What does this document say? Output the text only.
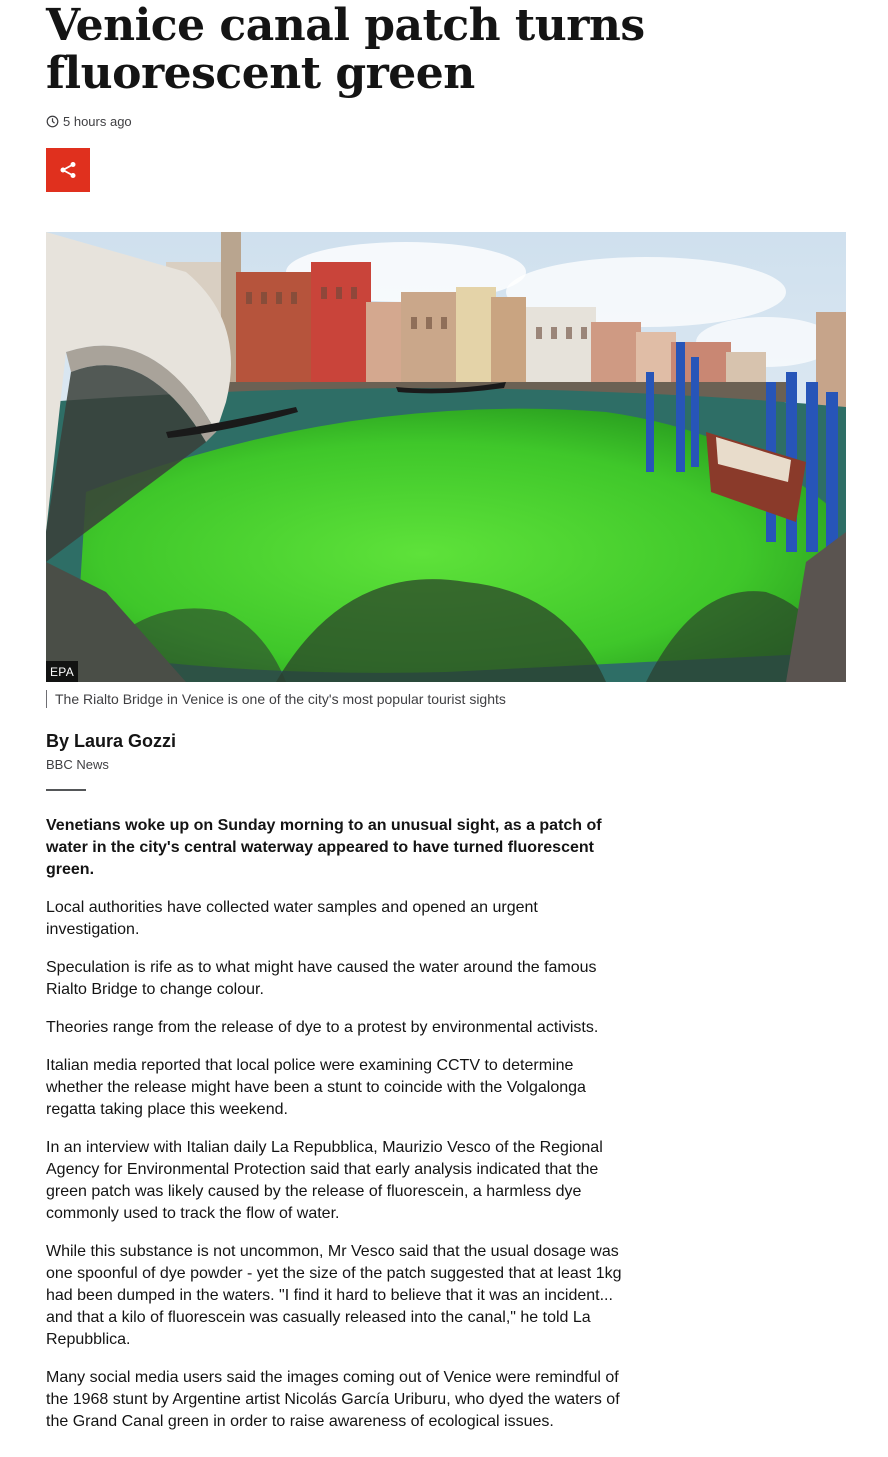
Venice canal patch turns fluorescent green
5 hours ago
EPA
The Rialto Bridge in Venice is one of the city's most popular tourist sights
By Laura Gozzi
BBC News

Venetians woke up on Sunday morning to an unusual sight, as a patch of water in the city's central waterway appeared to have turned fluorescent green.

Local authorities have collected water samples and opened an urgent investigation.

Speculation is rife as to what might have caused the water around the famous Rialto Bridge to change colour.

Theories range from the release of dye to a protest by environmental activists.

Italian media reported that local police were examining CCTV to determine whether the release might have been a stunt to coincide with the Volgalonga regatta taking place this weekend.

In an interview with Italian daily La Repubblica, Maurizio Vesco of the Regional Agency for Environmental Protection said that early analysis indicated that the green patch was likely caused by the release of fluorescein, a harmless dye commonly used to track the flow of water.

While this substance is not uncommon, Mr Vesco said that the usual dosage was one spoonful of dye powder - yet the size of the patch suggested that at least 1kg had been dumped in the waters. "I find it hard to believe that it was an incident... and that a kilo of fluorescein was casually released into the canal," he told La Repubblica.

Many social media users said the images coming out of Venice were remindful of the 1968 stunt by Argentine artist Nicolás García Uriburu, who dyed the waters of the Grand Canal green in order to raise awareness of ecological issues.
